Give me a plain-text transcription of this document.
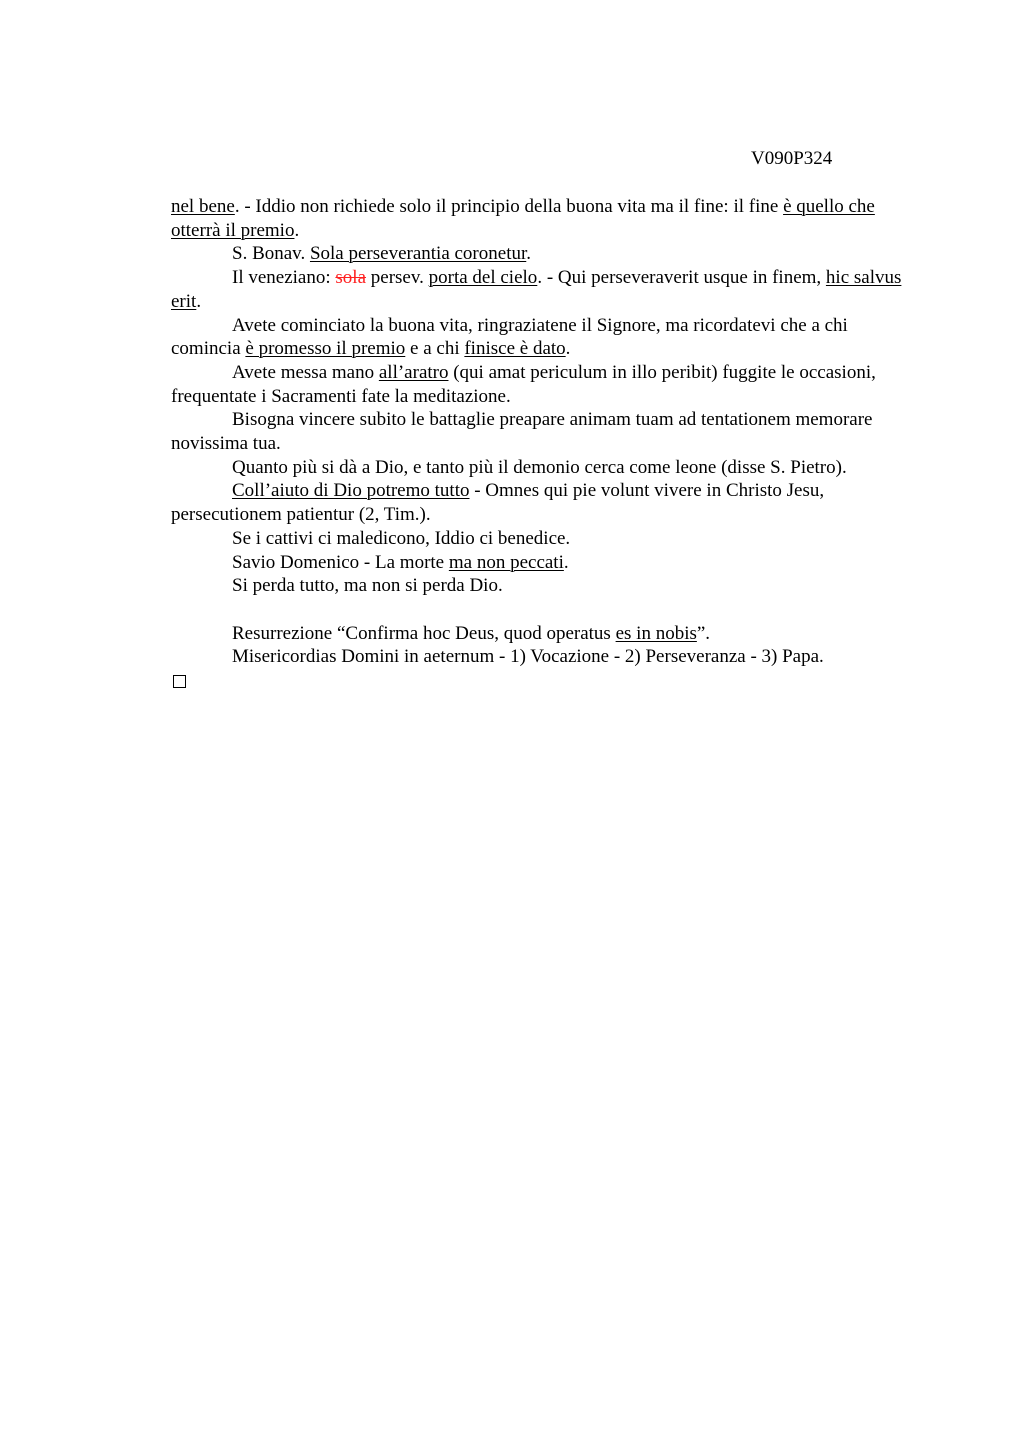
V090P324

nel bene. - Iddio non richiede solo il principio della buona vita ma il fine: il fine è quello che otterrà il premio.

S. Bonav. Sola perseverantia coronetur.

Il veneziano: sola persev. porta del cielo. - Qui perseveraverit usque in finem, hic salvus erit.

Avete cominciato la buona vita, ringraziatene il Signore, ma ricordatevi che a chi comincia è promesso il premio e a chi finisce è dato.

Avete messa mano all’aratro (qui amat periculum in illo peribit) fuggite le occasioni, frequentate i Sacramenti fate la meditazione.

Bisogna vincere subito le battaglie preapare animam tuam ad tentationem memorare novissima tua.

Quanto più si dà a Dio, e tanto più il demonio cerca come leone (disse S. Pietro).

Coll’aiuto di Dio potremo tutto - Omnes qui pie volunt vivere in Christo Jesu, persecutionem patientur (2, Tim.).

Se i cattivi ci maledicono, Iddio ci benedice.

Savio Domenico - La morte ma non peccati.

Si perda tutto, ma non si perda Dio.

Resurrezione “Confirma hoc Deus, quod operatus es in nobis”.

Misericordias Domini in aeternum - 1) Vocazione - 2) Perseveranza - 3) Papa.
